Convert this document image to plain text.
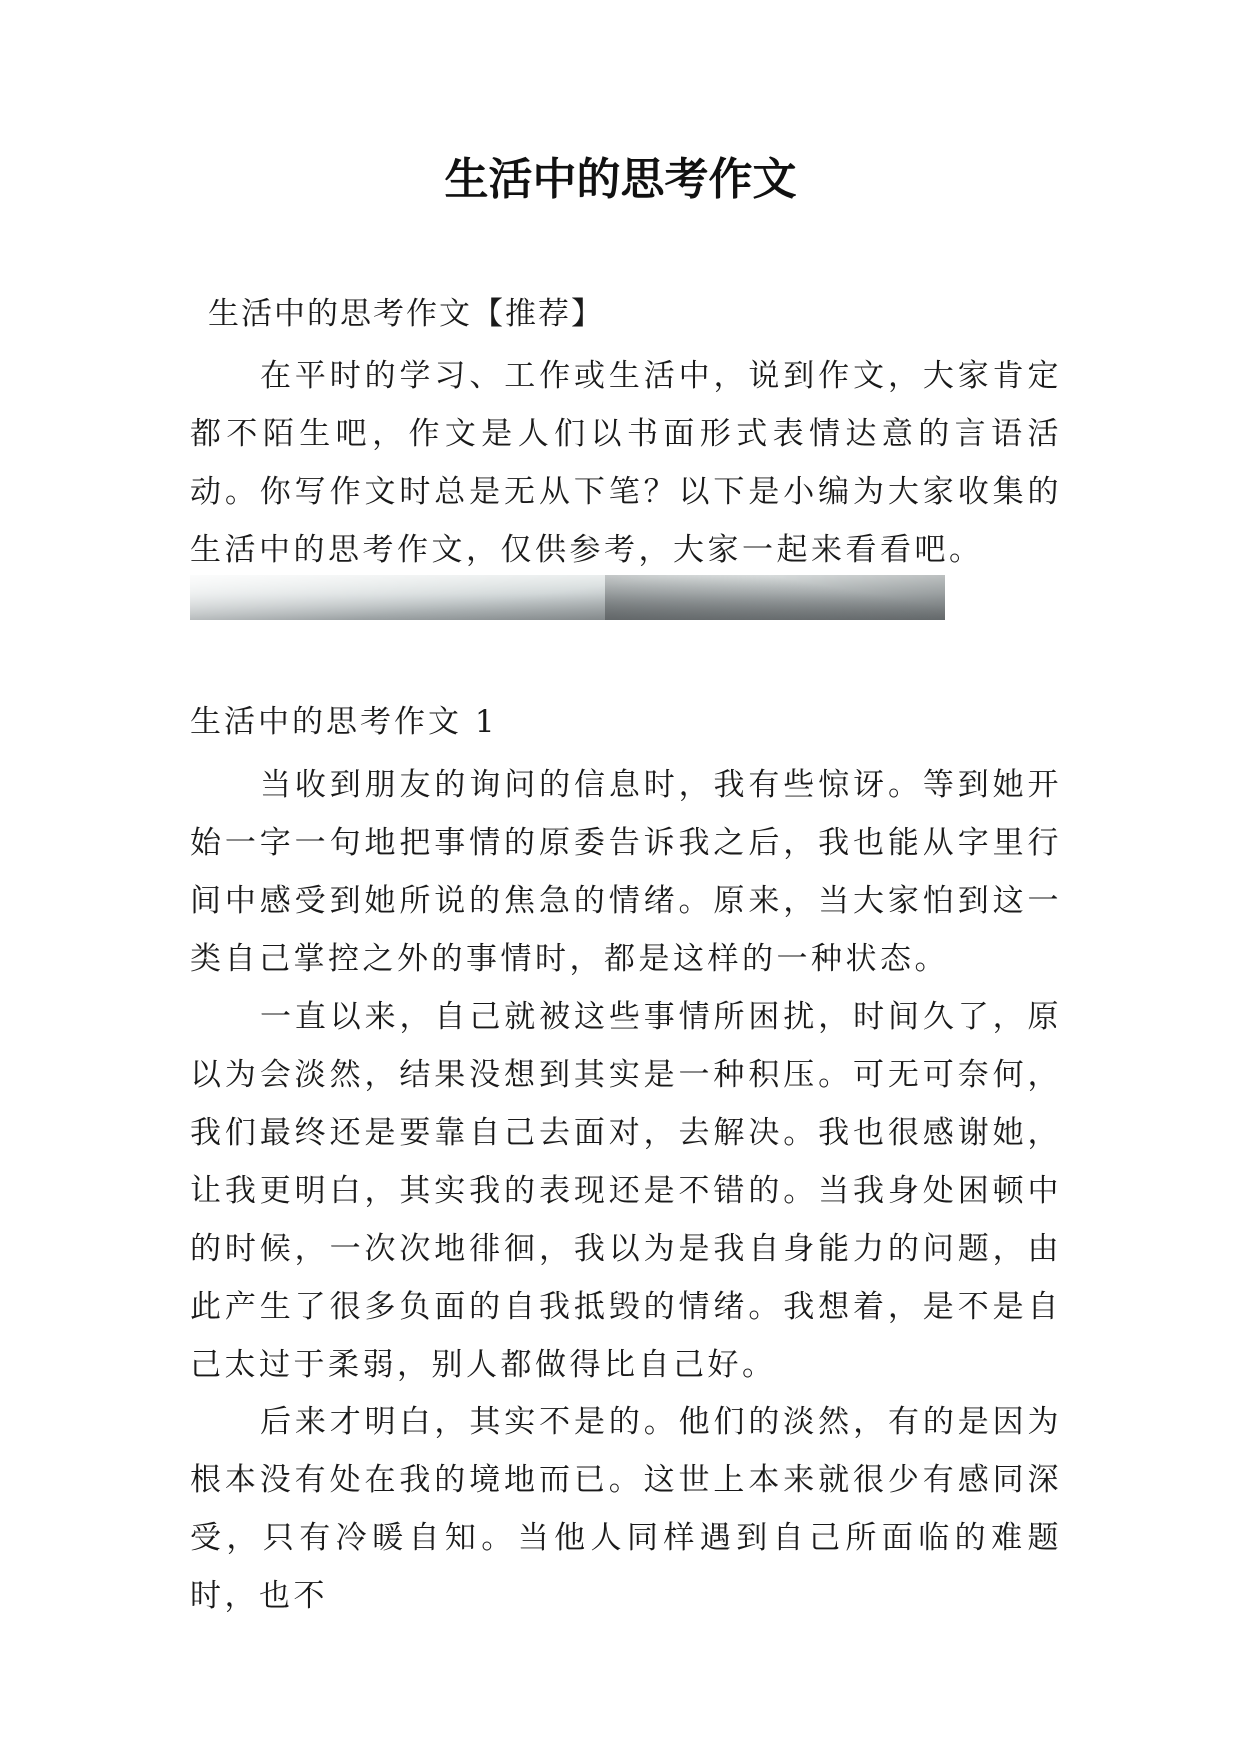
生活中的思考作文
生活中的思考作文【推荐】

在平时的学习、工作或生活中，说到作文，大家肯定都不陌生吧，作文是人们以书面形式表情达意的言语活动。你写作文时总是无从下笔？以下是小编为大家收集的生活中的思考作文，仅供参考，大家一起来看看吧。

生活中的思考作文 1

当收到朋友的询问的信息时，我有些惊讶。等到她开始一字一句地把事情的原委告诉我之后，我也能从字里行间中感受到她所说的焦急的情绪。原来，当大家怕到这一类自己掌控之外的事情时，都是这样的一种状态。

一直以来，自己就被这些事情所困扰，时间久了，原以为会淡然，结果没想到其实是一种积压。可无可奈何，我们最终还是要靠自己去面对，去解决。我也很感谢她，让我更明白，其实我的表现还是不错的。当我身处困顿中的时候，一次次地徘徊，我以为是我自身能力的问题，由此产生了很多负面的自我抵毁的情绪。我想着，是不是自己太过于柔弱，别人都做得比自己好。

后来才明白，其实不是的。他们的淡然，有的是因为根本没有处在我的境地而已。这世上本来就很少有感同深受，只有冷暖自知。当他人同样遇到自己所面临的难题时，也不
